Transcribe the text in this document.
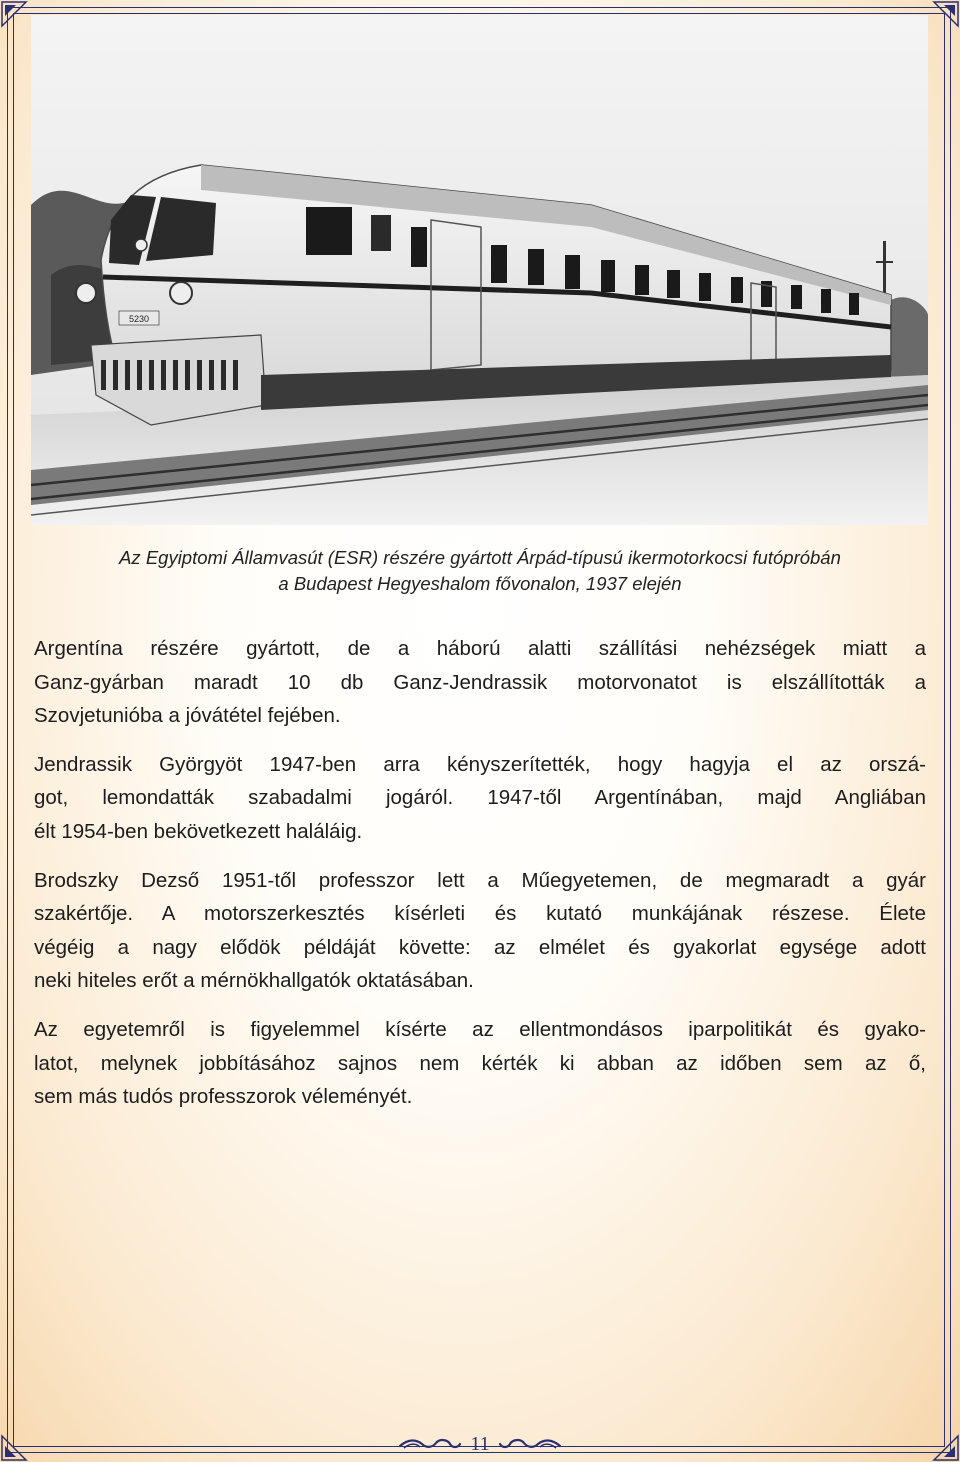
5230
Az Egyiptomi Államvasút (ESR) részére gyártott Árpád-típusú ikermotorkocsi futópróbán
a Budapest Hegyeshalom fővonalon, 1937 elején

Argentína részére gyártott, de a háború alatti szállítási nehézségek miatt a
Ganz-gyárban maradt 10 db Ganz-Jendrassik motorvonatot is elszállították a
Szovjetunióba a jóvátétel fejében.

Jendrassik Györgyöt 1947-ben arra kényszerítették, hogy hagyja el az orszá-
got, lemondatták szabadalmi jogáról. 1947-től Argentínában, majd Angliában
élt 1954-ben bekövetkezett haláláig.

Brodszky Dezső 1951-től professzor lett a Műegyetemen, de megmaradt a gyár
szakértője. A motorszerkesztés kísérleti és kutató munkájának részese. Élete
végéig a nagy elődök példáját követte: az elmélet és gyakorlat egysége adott
neki hiteles erőt a mérnökhallgatók oktatásában.

Az egyetemről is figyelemmel kísérte az ellentmondásos iparpolitikát és gyako-
latot, melynek jobbításához sajnos nem kérték ki abban az időben sem az ő,
sem más tudós professzorok véleményét.

11
